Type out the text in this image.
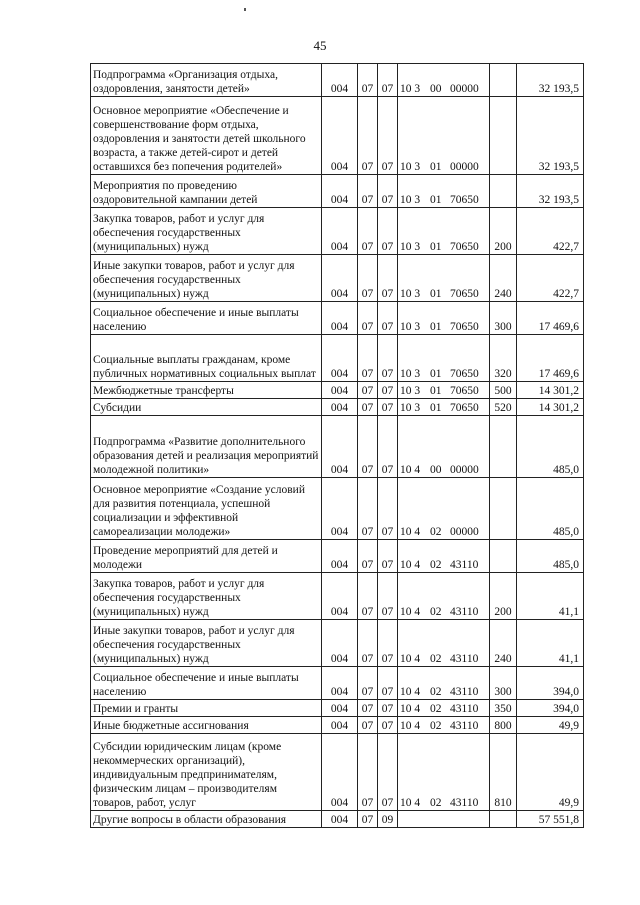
45
Подпрограмма «Организация отдыха, оздоровления, занятости детей»	004	07	07	10 3 00 00000		32 193,5
Основное мероприятие «Обеспечение и совершенствование форм отдыха, оздоровления и занятости детей школьного возраста, а также детей-сирот и детей оставшихся без попечения родителей»	004	07	07	10 3 01 00000		32 193,5
Мероприятия по проведению оздоровительной кампании детей	004	07	07	10 3 01 70650		32 193,5
Закупка товаров, работ и услуг для обеспечения государственных (муниципальных) нужд	004	07	07	10 3 01 70650	200	422,7
Иные закупки товаров, работ и услуг для обеспечения государственных (муниципальных) нужд	004	07	07	10 3 01 70650	240	422,7
Социальное обеспечение и иные выплаты населению	004	07	07	10 3 01 70650	300	17 469,6
Социальные выплаты гражданам, кроме публичных нормативных социальных выплат	004	07	07	10 3 01 70650	320	17 469,6
Межбюджетные трансферты	004	07	07	10 3 01 70650	500	14 301,2
Субсидии	004	07	07	10 3 01 70650	520	14 301,2
Подпрограмма «Развитие дополнительного образования детей и реализация мероприятий молодежной политики»	004	07	07	10 4 00 00000		485,0
Основное мероприятие «Создание условий для развития потенциала, успешной социализации и эффективной самореализации молодежи»	004	07	07	10 4 02 00000		485,0
Проведение мероприятий для детей и молодежи	004	07	07	10 4 02 43110		485,0
Закупка товаров, работ и услуг для обеспечения государственных (муниципальных) нужд	004	07	07	10 4 02 43110	200	41,1
Иные закупки товаров, работ и услуг для обеспечения государственных (муниципальных) нужд	004	07	07	10 4 02 43110	240	41,1
Социальное обеспечение и иные выплаты населению	004	07	07	10 4 02 43110	300	394,0
Премии и гранты	004	07	07	10 4 02 43110	350	394,0
Иные бюджетные ассигнования	004	07	07	10 4 02 43110	800	49,9
Субсидии юридическим лицам (кроме некоммерческих организаций), индивидуальным предпринимателям, физическим лицам – производителям товаров, работ, услуг	004	07	07	10 4 02 43110	810	49,9
Другие вопросы в области образования	004	07	09			57 551,8
